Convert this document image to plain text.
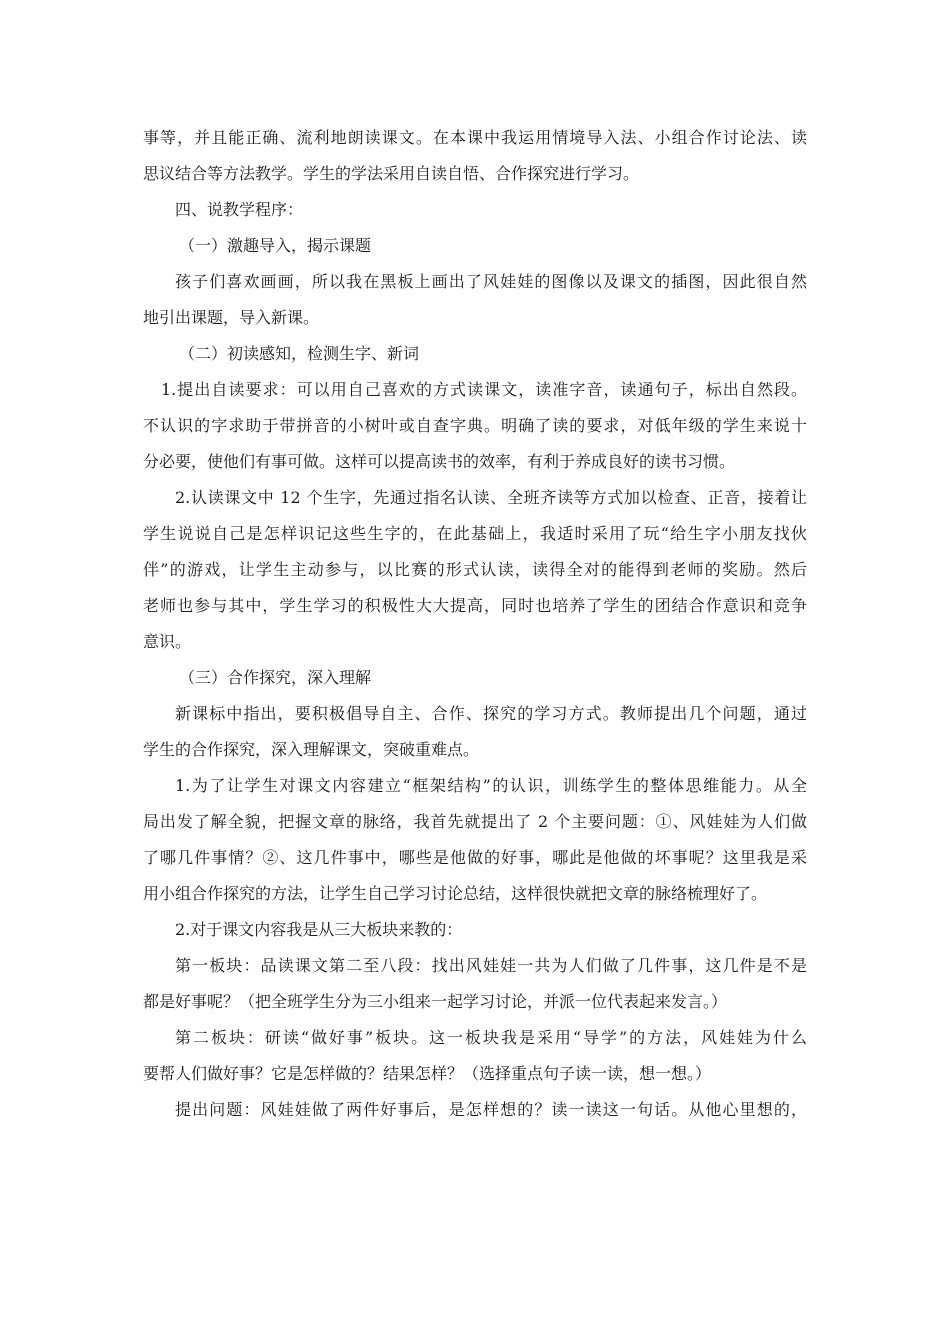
事等，并且能正确、流利地朗读课文。在本课中我运用情境导入法、小组合作讨论法、读
思议结合等方法教学。学生的学法采用自读自悟、合作探究进行学习。
四、说教学程序：
（一）激趣导入，揭示课题
孩子们喜欢画画，所以我在黑板上画出了风娃娃的图像以及课文的插图，因此很自然
地引出课题，导入新课。
（二）初读感知，检测生字、新词
1.提出自读要求：可以用自己喜欢的方式读课文，读准字音，读通句子，标出自然段。
不认识的字求助于带拼音的小树叶或自查字典。明确了读的要求，对低年级的学生来说十
分必要，使他们有事可做。这样可以提高读书的效率，有利于养成良好的读书习惯。
2.认读课文中 12 个生字，先通过指名认读、全班齐读等方式加以检查、正音，接着让
学生说说自己是怎样识记这些生字的，在此基础上，我适时采用了玩“给生字小朋友找伙
伴”的游戏，让学生主动参与，以比赛的形式认读，读得全对的能得到老师的奖励。然后
老师也参与其中，学生学习的积极性大大提高，同时也培养了学生的团结合作意识和竞争
意识。
（三）合作探究，深入理解
新课标中指出，要积极倡导自主、合作、探究的学习方式。教师提出几个问题，通过
学生的合作探究，深入理解课文，突破重难点。
1.为了让学生对课文内容建立“框架结构”的认识，训练学生的整体思维能力。从全
局出发了解全貌，把握文章的脉络，我首先就提出了 2 个主要问题：①、风娃娃为人们做
了哪几件事情？②、这几件事中，哪些是他做的好事，哪此是他做的坏事呢？这里我是采
用小组合作探究的方法，让学生自己学习讨论总结，这样很快就把文章的脉络梳理好了。
2.对于课文内容我是从三大板块来教的：
第一板块：品读课文第二至八段：找出风娃娃一共为人们做了几件事，这几件是不是
都是好事呢？（把全班学生分为三小组来一起学习讨论，并派一位代表起来发言。）
第二板块：研读“做好事”板块。这一板块我是采用“导学”的方法，风娃娃为什么
要帮人们做好事？它是怎样做的？结果怎样？（选择重点句子读一读，想一想。）
提出问题：风娃娃做了两件好事后，是怎样想的？读一读这一句话。从他心里想的，
